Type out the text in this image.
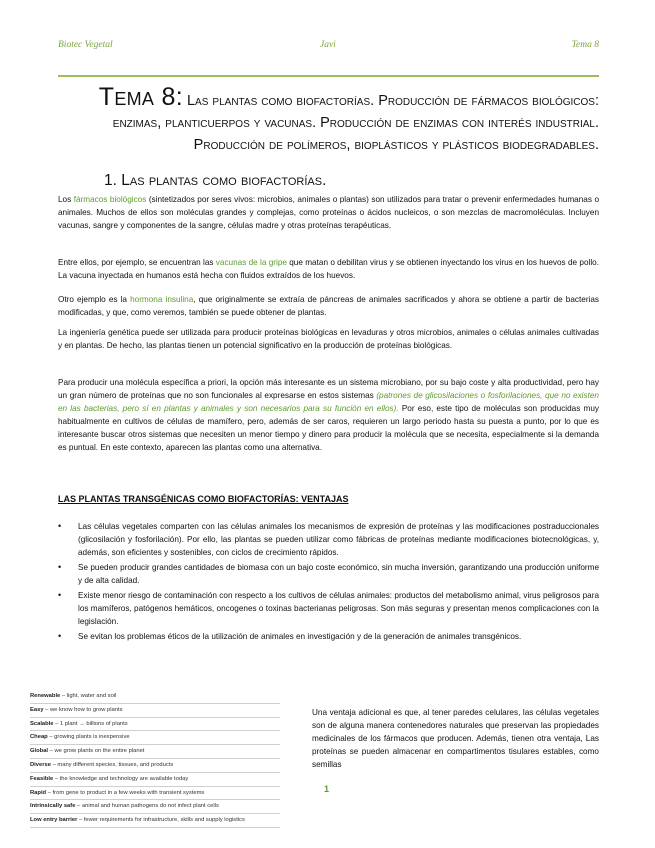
Biotec Vegetal	Javi	Tema 8
Tema 8: Las plantas como biofactorías. Producción de fármacos biológicos: enzimas, planticuerpos y vacunas. Producción de enzimas con interés industrial. Producción de polímeros, bioplásticos y plásticos biodegradables.
1. Las plantas como biofactorías.
Los fármacos biológicos (sintetizados por seres vivos: microbios, animales o plantas) son utilizados para tratar o prevenir enfermedades humanas o animales. Muchos de ellos son moléculas grandes y complejas, como proteínas o ácidos nucleicos, o son mezclas de macromoléculas. Incluyen vacunas, sangre y componentes de la sangre, células madre y otras proteínas terapéuticas.
Entre ellos, por ejemplo, se encuentran las vacunas de la gripe que matan o debilitan virus y se obtienen inyectando los virus en los huevos de pollo. La vacuna inyectada en humanos está hecha con fluidos extraídos de los huevos.
Otro ejemplo es la hormona insulina, que originalmente se extraía de páncreas de animales sacrificados y ahora se obtiene a partir de bacterias modificadas, y que, como veremos, también se puede obtener de plantas.
La ingeniería genética puede ser utilizada para producir proteínas biológicas en levaduras y otros microbios, animales o células animales cultivadas y en plantas. De hecho, las plantas tienen un potencial significativo en la producción de proteínas biológicas.
Para producir una molécula específica a priori, la opción más interesante es un sistema microbiano, por su bajo coste y alta productividad, pero hay un gran número de proteínas que no son funcionales al expresarse en estos sistemas (patrones de glicosilaciones o fosforilaciones, que no existen en las bacterias, pero sí en plantas y animales y son necesarios para su función en ellos). Por eso, este tipo de moléculas son producidas muy habitualmente en cultivos de células de mamífero, pero, además de ser caros, requieren un largo periodo hasta su puesta a punto, por lo que es interesante buscar otros sistemas que necesiten un menor tiempo y dinero para producir la molécula que se necesita, especialmente si la demanda es puntual. En este contexto, aparecen las plantas como una alternativa.
LAS PLANTAS TRANSGÉNICAS COMO BIOFACTORÍAS: VENTAJAS
• Las células vegetales comparten con las células animales los mecanismos de expresión de proteínas y las modificaciones postraduccionales (glicosilación y fosforilación). Por ello, las plantas se pueden utilizar como fábricas de proteínas mediante modificaciones biotecnológicas, y, además, son eficientes y sostenibles, con ciclos de crecimiento rápidos.
• Se pueden producir grandes cantidades de biomasa con un bajo coste económico, sin mucha inversión, garantizando una producción uniforme y de alta calidad.
• Existe menor riesgo de contaminación con respecto a los cultivos de células animales: productos del metabolismo animal, virus peligrosos para los mamíferos, patógenos hemáticos, oncogenes o toxinas bacterianas peligrosas. Son más seguras y presentan menos complicaciones con la legislación.
• Se evitan los problemas éticos de la utilización de animales en investigación y de la generación de animales transgénicos.
Renewable – light, water and soil
Easy – we know how to grow plants
Scalable – 1 plant → billions of plants
Cheap – growing plants is inexpensive
Global – we grow plants on the entire planet
Diverse – many different species, tissues, and products
Feasible – the knowledge and technology are available today
Rapid – from gene to product in a few weeks with transient systems
Intrinsically safe – animal and human pathogens do not infect plant cells
Low entry barrier – fewer requirements for infrastructure, skills and supply logistics
Una ventaja adicional es que, al tener paredes celulares, las células vegetales son de alguna manera contenedores naturales que preservan las propiedades medicinales de los fármacos que producen. Además, tienen otra ventaja, Las proteínas se pueden almacenar en compartimentos tisulares estables, como semillas
1
